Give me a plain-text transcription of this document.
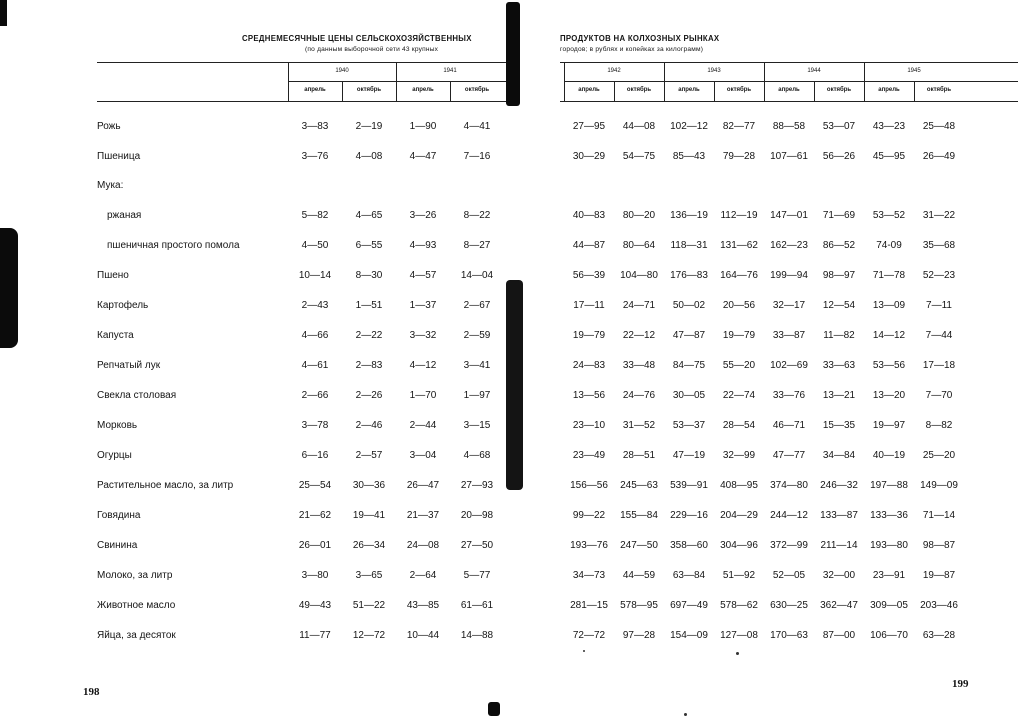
СРЕДНЕМЕСЯЧНЫЕ ЦЕНЫ СЕЛЬСКОХОЗЯЙСТВЕННЫХ
(по данным выборочной сети 43 крупных
1940	1941
апрель	октябрь	апрель	октябрь
Рожь	3—83	2—19	1—90	4—41
Пшеница	3—76	4—08	4—47	7—16
Мука:
ржаная	5—82	4—65	3—26	8—22
пшеничная простого помола	4—50	6—55	4—93	8—27
Пшено	10—14	8—30	4—57	14—04
Картофель	2—43	1—51	1—37	2—67
Капуста	4—66	2—22	3—32	2—59
Репчатый лук	4—61	2—83	4—12	3—41
Свекла столовая	2—66	2—26	1—70	1—97
Морковь	3—78	2—46	2—44	3—15
Огурцы	6—16	2—57	3—04	4—68
Растительное масло, за литр	25—54	30—36	26—47	27—93
Говядина	21—62	19—41	21—37	20—98
Свинина	26—01	26—34	24—08	27—50
Молоко, за литр	3—80	3—65	2—64	5—77
Животное масло	49—43	51—22	43—85	61—61
Яйца, за десяток	11—77	12—72	10—44	14—88
198
ПРОДУКТОВ НА КОЛХОЗНЫХ РЫНКАХ
городов; в рублях и копейках за килограмм)
1942
апрель	октябрь
1943
апрель	октябрь
1944
апрель	октябрь
1945
апрель	октябрь
27—95	44—08	102—12	82—77	88—58	53—07	43—23	25—48
30—29	54—75	85—43	79—28	107—61	56—26	45—95	26—49
40—83	80—20	136—19	112—19	147—01	71—69	53—52	31—22
44—87	80—64	118—31	131—62	162—23	86—52	74-09	35—68
56—39	104—80	176—83	164—76	199—94	98—97	71—78	52—23
17—11	24—71	50—02	20—56	32—17	12—54	13—09	7—11
19—79	22—12	47—87	19—79	33—87	11—82	14—12	7—44
24—83	33—48	84—75	55—20	102—69	33—63	53—56	17—18
13—56	24—76	30—05	22—74	33—76	13—21	13—20	7—70
23—10	31—52	53—37	28—54	46—71	15—35	19—97	8—82
23—49	28—51	47—19	32—99	47—77	34—84	40—19	25—20
156—56	245—63	539—91	408—95	374—80	246—32	197—88	149—09
99—22	155—84	229—16	204—29	244—12	133—87	133—36	71—14
193—76	247—50	358—60	304—96	372—99	211—14	193—80	98—87
34—73	44—59	63—84	51—92	52—05	32—00	23—91	19—87
281—15	578—95	697—49	578—62	630—25	362—47	309—05	203—46
72—72	97—28	154—09	127—08	170—63	87—00	106—70	63—28
199
